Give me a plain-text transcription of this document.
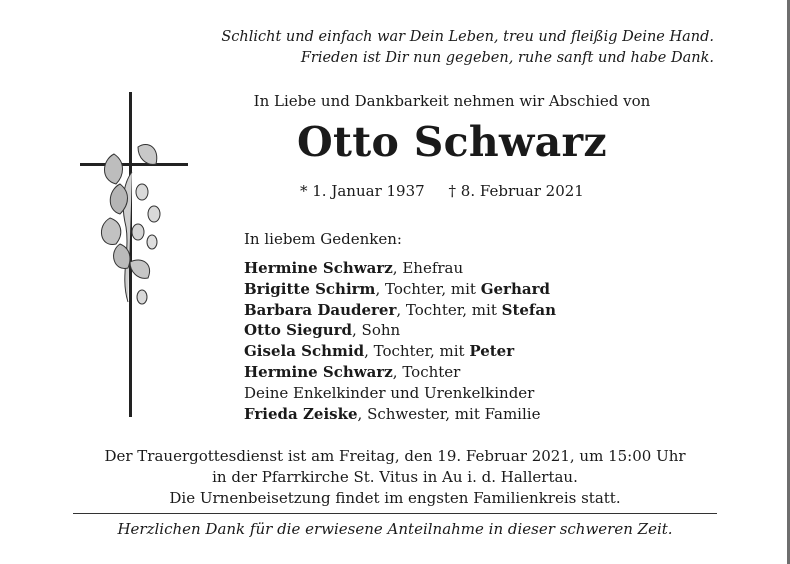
Schlicht und einfach war Dein Leben, treu und fleißig Deine Hand.
Frieden ist Dir nun gegeben, ruhe sanft und habe Dank.
In Liebe und Dankbarkeit nehmen wir Abschied von
Otto Schwarz
* 1. Januar 1937 † 8. Februar 2021
In liebem Gedenken:
Hermine Schwarz, Ehefrau
Brigitte Schirm, Tochter, mit Gerhard
Barbara Dauderer, Tochter, mit Stefan
Otto Siegurd, Sohn
Gisela Schmid, Tochter, mit Peter
Hermine Schwarz, Tochter
Deine Enkelkinder und Urenkelkinder
Frieda Zeiske, Schwester, mit Familie
Der Trauergottesdienst ist am Freitag, den 19. Februar 2021, um 15:00 Uhr
in der Pfarrkirche St. Vitus in Au i. d. Hallertau.
Die Urnenbeisetzung findet im engsten Familienkreis statt.
Herzlichen Dank für die erwiesene Anteilnahme in dieser schweren Zeit.
